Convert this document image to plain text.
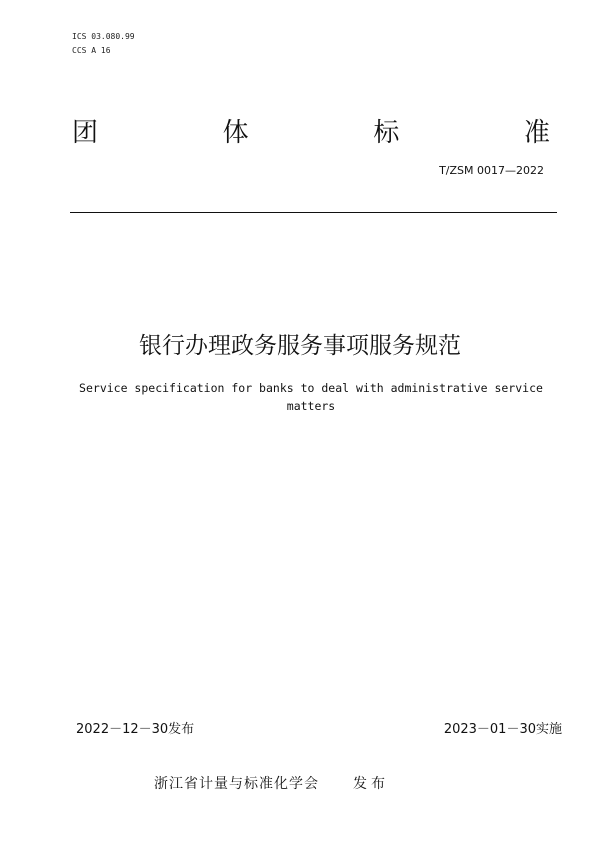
ICS 03.080.99
CCS A 16
团	体	标	准
T/ZSM 0017—2022
银行办理政务服务事项服务规范
Service specification for banks to deal with administrative service
matters
2022－12－30发布	2023－01－30实施
浙江省计量与标准化学会 发布
